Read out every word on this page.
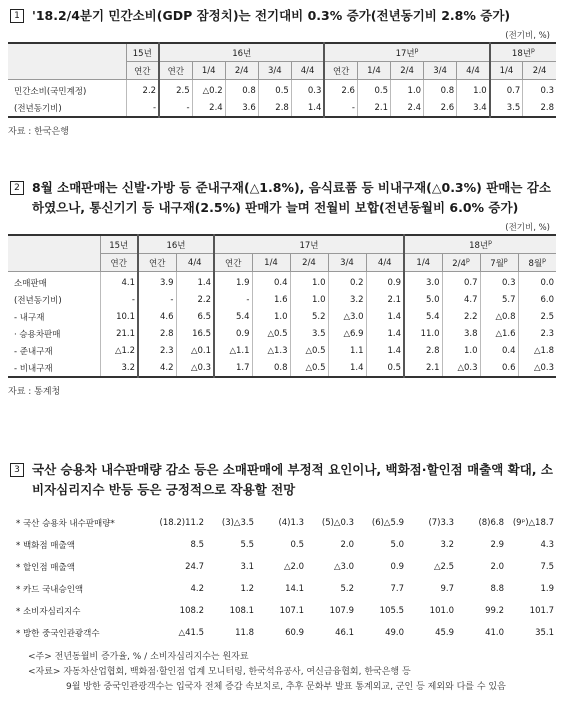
1 '18.2/4분기 민간소비(GDP 잠정치)는 전기대비 0.3% 증가(전년동기비 2.8% 증가)
(전기비, %)
	15년	16년					17년$^p$					18년$^p$
	연간	연간	1/4	2/4	3/4	4/4	연간	1/4	2/4	3/4	4/4	1/4	2/4
민간소비(국민계정)	2.2	2.5	△0.2	0.8	0.5	0.3	2.6	0.5	1.0	0.8	1.0	0.7	0.3
(전년동기비)	-	-	2.4	3.6	2.8	1.4	-	2.1	2.4	2.6	3.4	3.5	2.8
자료 : 한국은행
2 8월 소매판매는 신발·가방 등 준내구재(△1.8%), 음식료품 등 비내구재(△0.3%) 판매는 감소하였으나, 통신기기 등 내구재(2.5%) 판매가 늘며 전월비 보합(전년동월비 6.0% 증가)
(전기비, %)
	15년	16년		17년					18년$^p$
	연간	연간	4/4	연간	1/4	2/4	3/4	4/4	1/4	2/4$^p$	7월$^p$	8월$^p$
소매판매	4.1	3.9	1.4	1.9	0.4	1.0	0.2	0.9	3.0	0.7	0.3	0.0
(전년동기비)	-	-	2.2	-	1.6	1.0	3.2	2.1	5.0	4.7	5.7	6.0
- 내구재	10.1	4.6	6.5	5.4	1.0	5.2	△3.0	1.4	5.4	2.2	△0.8	2.5
· 승용차판매	21.1	2.8	16.5	0.9	△0.5	3.5	△6.9	1.4	11.0	3.8	△1.6	2.3
- 준내구재	△1.2	2.3	△0.1	△1.1	△1.3	△0.5	1.1	1.4	2.8	1.0	0.4	△1.8
- 비내구재	3.2	4.2	△0.3	1.7	0.8	△0.5	1.4	0.5	2.1	△0.3	0.6	△0.3
자료 : 통계청
3 국산 승용차 내수판매량 감소 등은 소매판매에 부정적 요인이나, 백화점·할인점 매출액 확대, 소비자심리지수 반등 등은 긍정적으로 작용할 전망
* 국산 승용차 내수판매량*	(18.2)11.2	(3)△3.5	(4)1.3	(5)△0.3	(6)△5.9	(7)3.3	(8)6.8	(9ᵖ)△18.7
* 백화점 매출액	8.5	5.5	0.5	2.0	5.0	3.2	2.9	4.3
* 할인점 매출액	24.7	3.1	△2.0	△3.0	0.9	△2.5	2.0	7.5
* 카드 국내승인액	4.2	1.2	14.1	5.2	7.7	9.7	8.8	1.9
* 소비자심리지수	108.2	108.1	107.1	107.9	105.5	101.0	99.2	101.7
* 방한 중국인관광객수	△41.5	11.8	60.9	46.1	49.0	45.9	41.0	35.1
<주> 전년동월비 증가율, % / 소비자심리지수는 원자료
<자료> 자동차산업협회, 백화점·할인점 업계 모니터링, 한국석유공사, 여신금융협회, 한국은행 등
9월 방한 중국인관광객수는 입국자 전체 증감 속보치로, 추후 문화부 발표 통계외교, 군인 등 제외와 다를 수 있음
